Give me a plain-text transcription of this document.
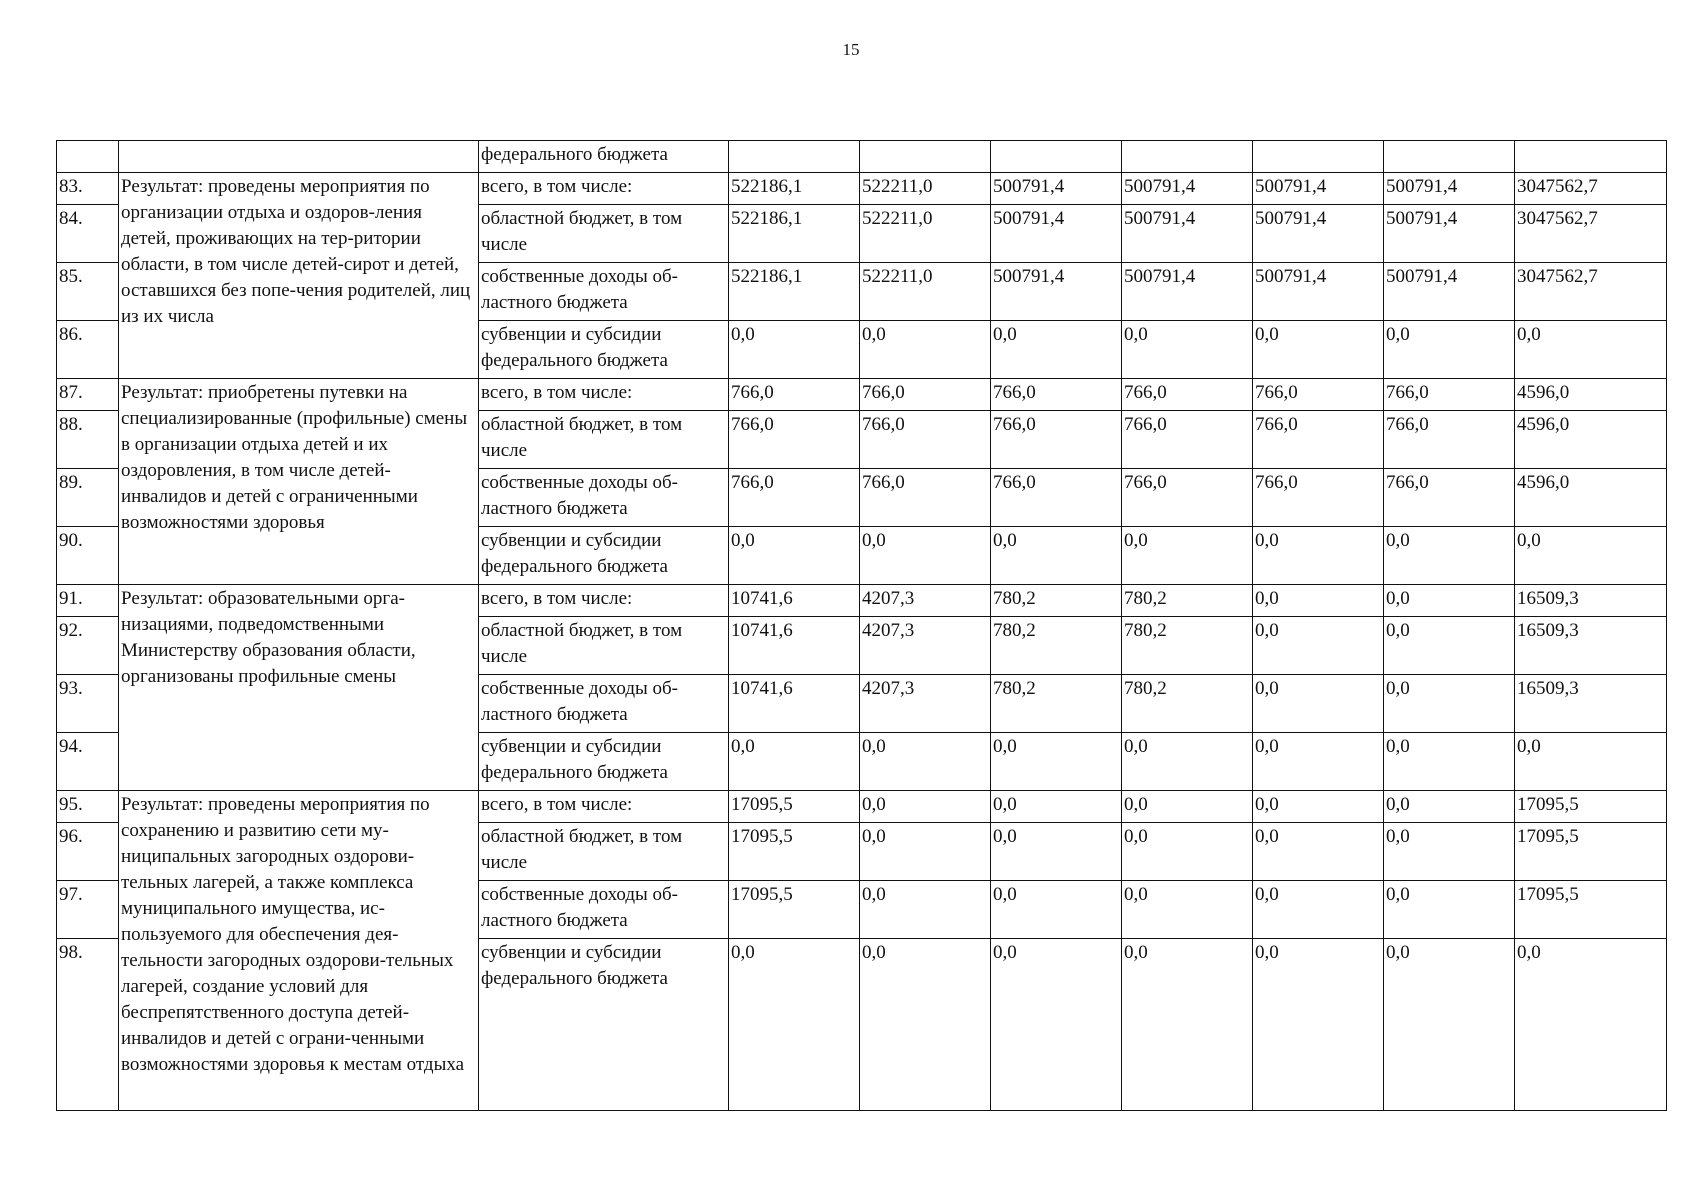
15
		федерального бюджета							
83.	Результат: проведены мероприятия по организации отдыха и оздоров-ления детей, проживающих на тер-ритории области, в том числе детей-сирот и детей, оставшихся без попе-чения родителей, лиц из их числа	всего, в том числе:	522186,1	522211,0	500791,4	500791,4	500791,4	500791,4	3047562,7
84.		областной бюджет, в том числе	522186,1	522211,0	500791,4	500791,4	500791,4	500791,4	3047562,7
85.		собственные доходы об-ластного бюджета	522186,1	522211,0	500791,4	500791,4	500791,4	500791,4	3047562,7
86.		субвенции и субсидии федерального бюджета	0,0	0,0	0,0	0,0	0,0	0,0	0,0
87.	Результат: приобретены путевки на специализированные (профильные) смены в организации отдыха детей и их оздоровления, в том числе детей-инвалидов и детей с ограниченными возможностями здоровья	всего, в том числе:	766,0	766,0	766,0	766,0	766,0	766,0	4596,0
88.		областной бюджет, в том числе	766,0	766,0	766,0	766,0	766,0	766,0	4596,0
89.		собственные доходы об-ластного бюджета	766,0	766,0	766,0	766,0	766,0	766,0	4596,0
90.		субвенции и субсидии федерального бюджета	0,0	0,0	0,0	0,0	0,0	0,0	0,0
91.	Результат: образовательными орга-низациями, подведомственными Министерству образования области, организованы профильные смены	всего, в том числе:	10741,6	4207,3	780,2	780,2	0,0	0,0	16509,3
92.		областной бюджет, в том числе	10741,6	4207,3	780,2	780,2	0,0	0,0	16509,3
93.		собственные доходы об-ластного бюджета	10741,6	4207,3	780,2	780,2	0,0	0,0	16509,3
94.		субвенции и субсидии федерального бюджета	0,0	0,0	0,0	0,0	0,0	0,0	0,0
95.	Результат: проведены мероприятия по сохранению и развитию сети му-ниципальных загородных оздорови-тельных лагерей, а также комплекса муниципального имущества, ис-пользуемого для обеспечения дея-тельности загородных оздорови-тельных лагерей, создание условий для беспрепятственного доступа детей-инвалидов и детей с ограни-ченными возможностями здоровья к местам отдыха	всего, в том числе:	17095,5	0,0	0,0	0,0	0,0	0,0	17095,5
96.		областной бюджет, в том числе	17095,5	0,0	0,0	0,0	0,0	0,0	17095,5
97.		собственные доходы об-ластного бюджета	17095,5	0,0	0,0	0,0	0,0	0,0	17095,5
98.		субвенции и субсидии федерального бюджета	0,0	0,0	0,0	0,0	0,0	0,0	0,0
